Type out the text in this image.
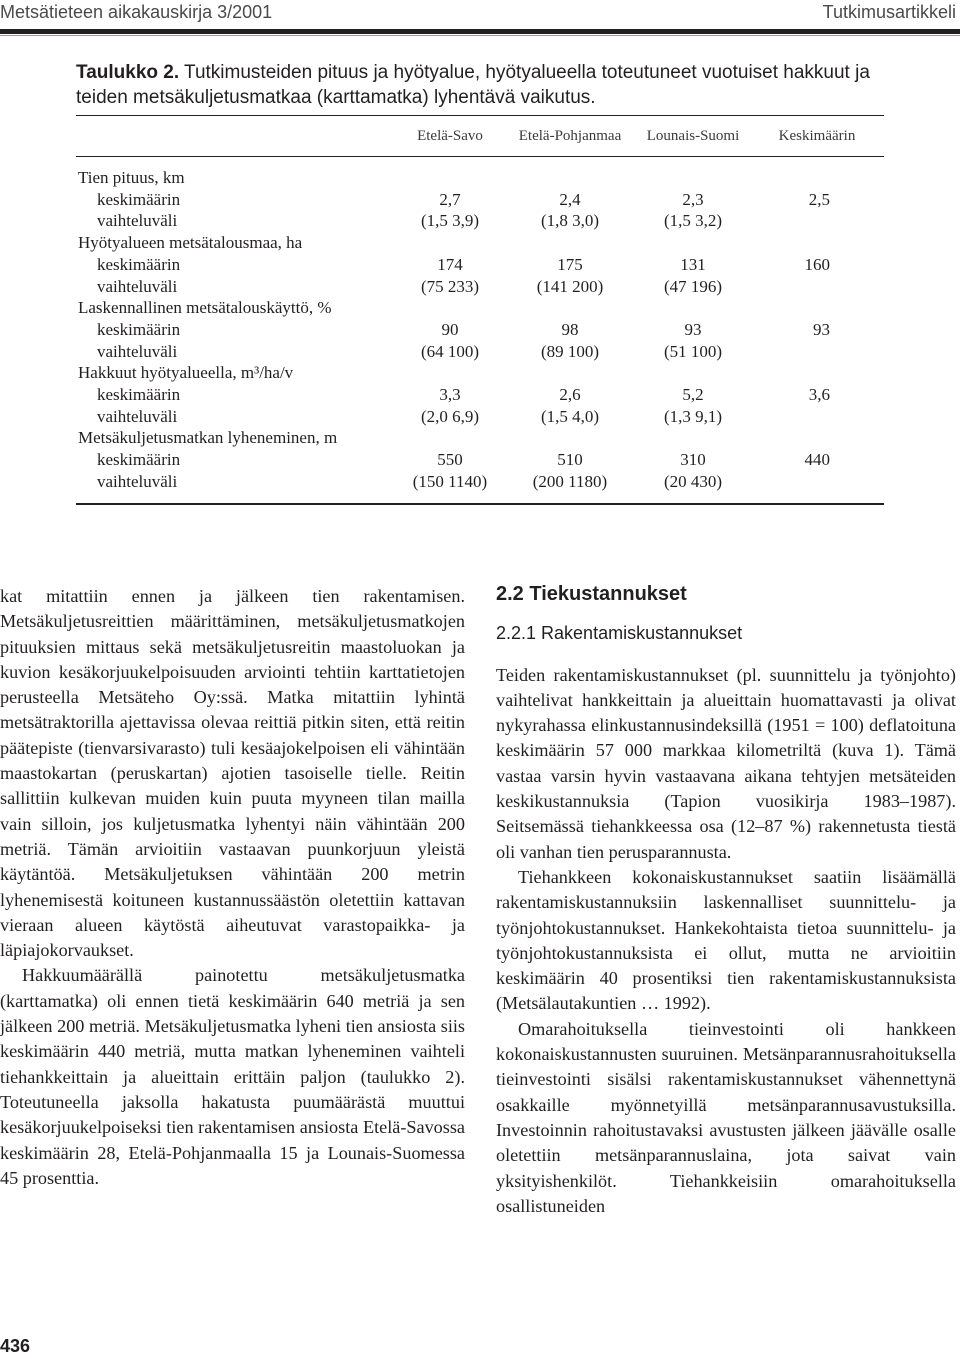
Metsätieteen aikakauskirja 3/2001	Tutkimusartikkeli
Taulukko 2. Tutkimusteiden pituus ja hyötyalue, hyötyalueella toteutuneet vuotuiset hakkuut ja teiden metsäkuljetusmatkaa (karttamatka) lyhentävä vaikutus.
Etelä-Savo	Etelä-Pohjanmaa	Lounais-Suomi	Keskimäärin
Tien pituus, km
keskimäärin	2,7	2,4	2,3	2,5
vaihteluväli	(1,5 3,9)	(1,8 3,0)	(1,5 3,2)
Hyötyalueen metsätalousmaa, ha
keskimäärin	174	175	131	160
vaihteluväli	(75 233)	(141 200)	(47 196)
Laskennallinen metsätalouskäyttö, %
keskimäärin	90	98	93	93
vaihteluväli	(64 100)	(89 100)	(51 100)
Hakkuut hyötyalueella, m³/ha/v
keskimäärin	3,3	2,6	5,2	3,6
vaihteluväli	(2,0 6,9)	(1,5 4,0)	(1,3 9,1)
Metsäkuljetusmatkan lyheneminen, m
keskimäärin	550	510	310	440
vaihteluväli	(150 1140)	(200 1180)	(20 430)

kat mitattiin ennen ja jälkeen tien rakentamisen. Metsäkuljetusreittien määrittäminen, metsäkuljetusmatkojen pituuksien mittaus sekä metsäkuljetusreitin maastoluokan ja kuvion kesäkorjuukelpoisuuden arviointi tehtiin karttatietojen perusteella Metsäteho Oy:ssä. Matka mitattiin lyhintä metsätraktorilla ajettavissa olevaa reittiä pitkin siten, että reitin päätepiste (tienvarsivarasto) tuli kesäajokelpoisen eli vähintään maastokartan (peruskartan) ajotien tasoiselle tielle. Reitin sallittiin kulkevan muiden kuin puuta myyneen tilan mailla vain silloin, jos kuljetusmatka lyhentyi näin vähintään 200 metriä. Tämän arvioitiin vastaavan puunkorjuun yleistä käytäntöä. Metsäkuljetuksen vähintään 200 metrin lyhenemisestä koituneen kustannussäästön oletettiin kattavan vieraan alueen käytöstä aiheutuvat varastopaikka- ja läpiajokorvaukset.

Hakkuumäärällä painotettu metsäkuljetusmatka (karttamatka) oli ennen tietä keskimäärin 640 metriä ja sen jälkeen 200 metriä. Metsäkuljetusmatka lyheni tien ansiosta siis keskimäärin 440 metriä, mutta matkan lyheneminen vaihteli tiehankkeittain ja alueittain erittäin paljon (taulukko 2). Toteutuneella jaksolla hakatusta puumäärästä muuttui kesäkorjuukelpoiseksi tien rakentamisen ansiosta Etelä-Savossa keskimäärin 28, Etelä-Pohjanmaalla 15 ja Lounais-Suomessa 45 prosenttia.

2.2 Tiekustannukset
2.2.1 Rakentamiskustannukset

Teiden rakentamiskustannukset (pl. suunnittelu ja työnjohto) vaihtelivat hankkeittain ja alueittain huomattavasti ja olivat nykyrahassa elinkustannusindeksillä (1951 = 100) deflatoituna keskimäärin 57 000 markkaa kilometriltä (kuva 1). Tämä vastaa varsin hyvin vastaavana aikana tehtyjen metsäteiden keskikustannuksia (Tapion vuosikirja 1983–1987). Seitsemässä tiehankkeessa osa (12–87 %) rakennetusta tiestä oli vanhan tien perusparannusta.

Tiehankkeen kokonaiskustannukset saatiin lisäämällä rakentamiskustannuksiin laskennalliset suunnittelu- ja työnjohtokustannukset. Hankekohtaista tietoa suunnittelu- ja työnjohtokustannuksista ei ollut, mutta ne arvioitiin keskimäärin 40 prosentiksi tien rakentamiskustannuksista (Metsälautakuntien … 1992).

Omarahoituksella tieinvestointi oli hankkeen kokonaiskustannusten suuruinen. Metsänparannusrahoituksella tieinvestointi sisälsi rakentamiskustannukset vähennettynä osakkaille myönnetyillä metsänparannusavustuksilla. Investoinnin rahoitustavaksi avustusten jälkeen jäävälle osalle oletettiin metsänparannuslaina, jota saivat vain yksityishenkilöt. Tiehankkeisiin omarahoituksella osallistuneiden

436
